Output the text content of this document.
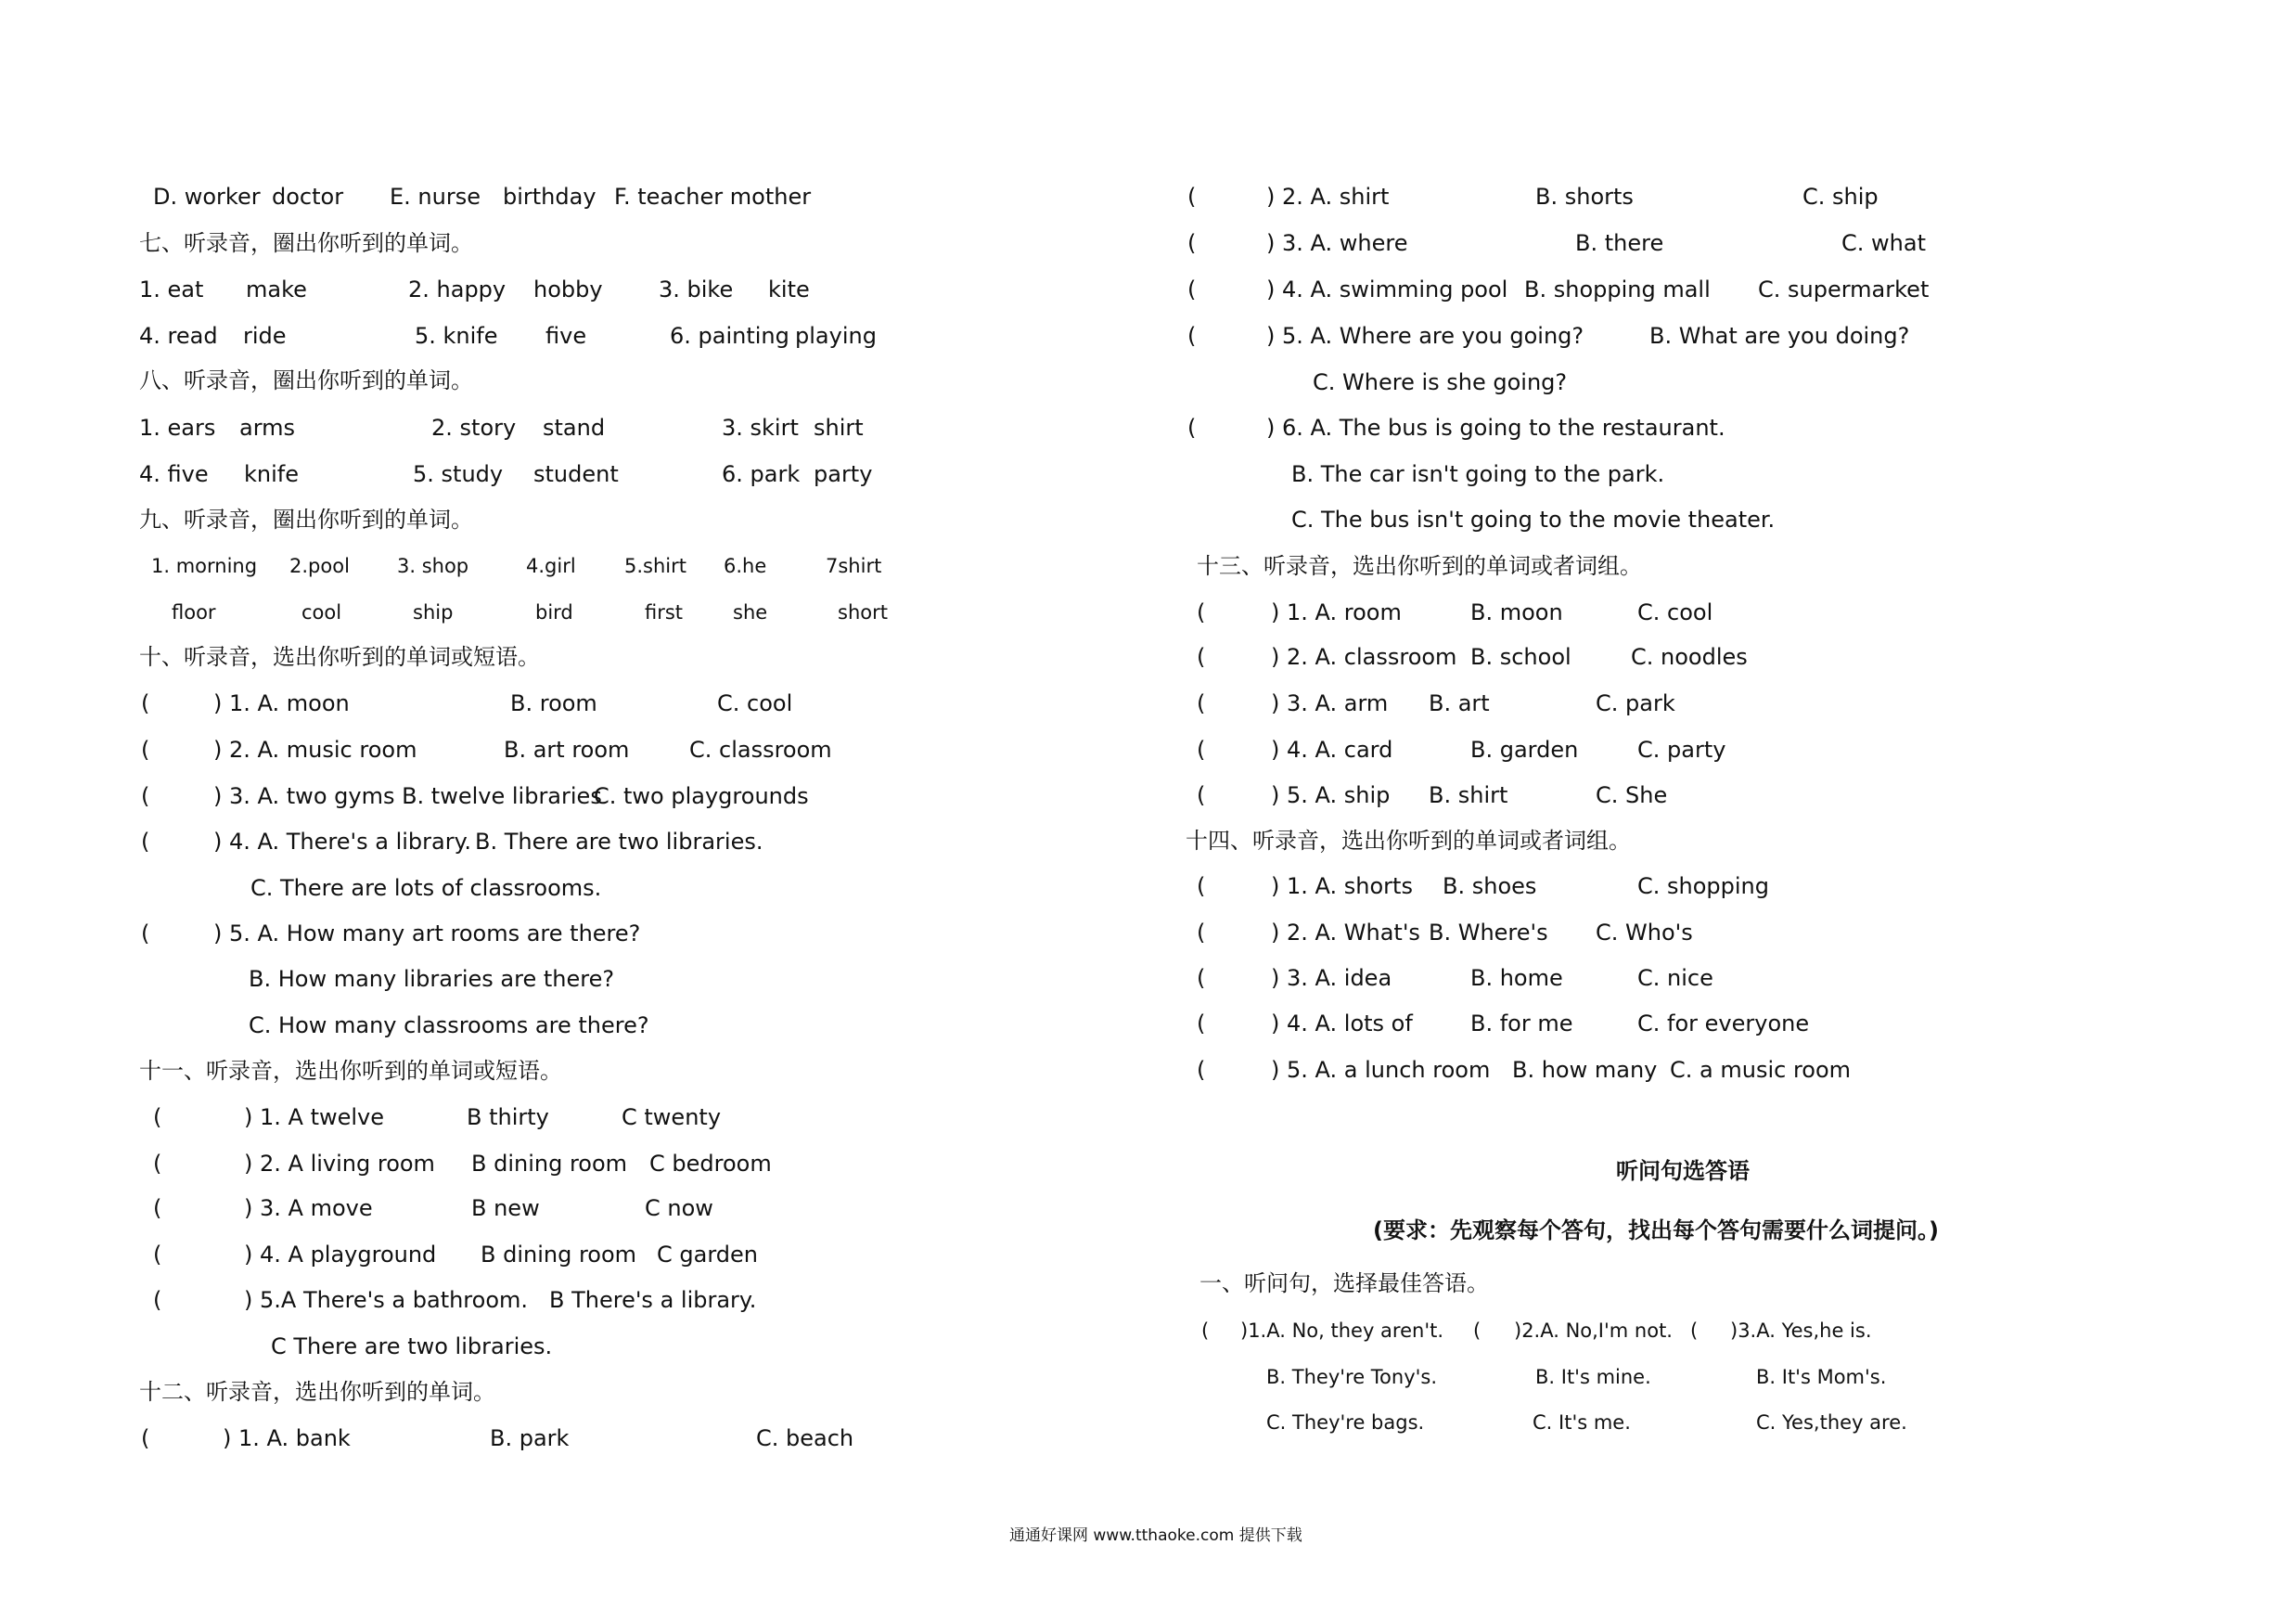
D. worker doctor E. nurse birthday F. teacher mother
七、听录音，圈出你听到的单词。
1. eat make	2. happy hobby	3. bike kite
4. read ride	5. knife five	6. painting playing
八、听录音，圈出你听到的单词。
1. ears arms	2. story stand	3. skirt shirt
4. five knife	5. study student	6. park party
九、听录音，圈出你听到的单词。
1. morning 2.pool 3. shop	4.girl 5.shirt 6.he	7shirt
floor	cool	ship	bird	first	she	short
十、听录音，选出你听到的单词或短语。
(	) 1. A. moon	B. room	C. cool
(	) 2. A. music room	B. art room	C. classroom
(	) 3. A. two gyms B. twelve libraries
C. two playgrounds
(	) 4. A. There's a library. B. There are two libraries.
C. There are lots of classrooms.
(	) 5. A. How many art rooms are there?
B. How many libraries are there?
C. How many classrooms are there?
十一、听录音，选出你听到的单词或短语。
(	) 1. A twelve	B thirty	C twenty
(	) 2. A living room B dining room C bedroom
(	) 3. A move	B new	C now
(	) 4. A playground B dining room C garden
(	) 5.A There's a bathroom. B There's a library.
C There are two libraries.
十二、听录音，选出你听到的单词。
(	) 1. A. bank	B. park	C. beach
(	) 2. A. shirt	B. shorts	C. ship
(	) 3. A. where	B. there	C. what
(	) 4. A. swimming pool B. shopping mall C. supermarket
(	) 5. A. Where are you going?	B. What are you doing?
C. Where is she going?
(	) 6. A. The bus is going to the restaurant.
B. The car isn't going to the park.
C. The bus isn't going to the movie theater.
十三、听录音，选出你听到的单词或者词组。
(	) 1. A. room	B. moon	C. cool
(	) 2. A. classroom B. school	C. noodles
(	) 3. A. arm B. art	C. park
(	) 4. A. card	B. garden	C. party
(	) 5. A. ship B. shirt	C. She
十四、听录音，选出你听到的单词或者词组。
(	) 1. A. shorts B. shoes	C. shopping
(	) 2. A. What's B. Where's C. Who's
(	) 3. A. idea	B. home	C. nice
(	) 4. A. lots of	B. for me	C. for everyone
(	) 5. A. a lunch room B. how many C. a music room
听问句选答语
(要求：先观察每个答句，找出每个答句需要什么词提问。)
一、听问句，选择最佳答语。
( )1.A. No, they aren't. ( )2.A. No,I'm not. ( )3.A. Yes,he is.
B. They're Tony's.	B. It's mine.	B. It's Mom's.
C. They're bags.	C. It's me.	C. Yes,they are.
通通好课网 www.tthaoke.com 提供下载
